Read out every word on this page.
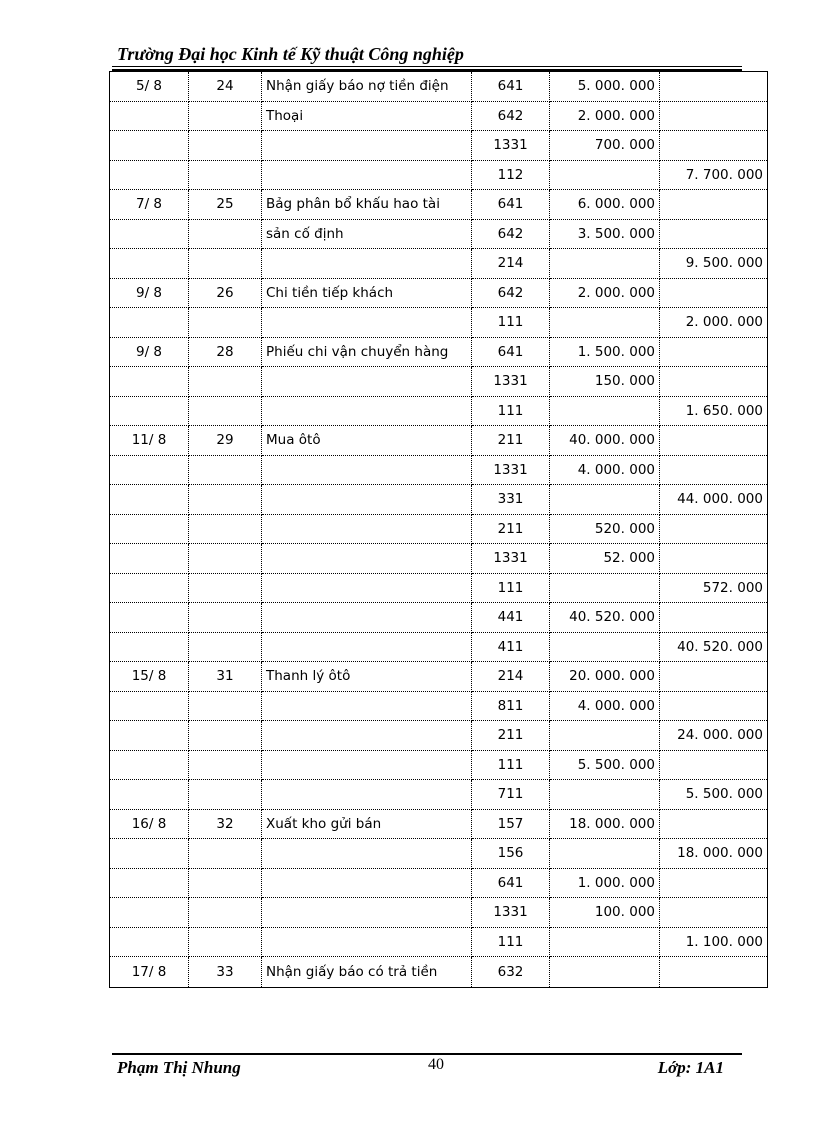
Trường Đại học Kinh tế Kỹ thuật Công nghiệp
5/ 8	24	Nhận giấy báo nợ tiền điện	641	5. 000. 000	
		Thoại	642	2. 000. 000	
			1331	700. 000	
			112		7. 700. 000
7/ 8	25	Bảg phân bổ khấu hao tài	641	6. 000. 000	
		sản cố định	642	3. 500. 000	
			214		9. 500. 000
9/ 8	26	Chi tiền tiếp khách	642	2. 000. 000	
			111		2. 000. 000
9/ 8	28	Phiếu chi vận chuyển hàng	641	1. 500. 000	
			1331	150. 000	
			111		1. 650. 000
11/ 8	29	Mua ôtô	211	40. 000. 000	
			1331	4. 000. 000	
			331		44. 000. 000
			211	520. 000	
			1331	52. 000	
			111		572. 000
			441	40. 520. 000	
			411		40. 520. 000
15/ 8	31	Thanh lý ôtô	214	20. 000. 000	
			811	4. 000. 000	
			211		24. 000. 000
			111	5. 500. 000	
			711		5. 500. 000
16/ 8	32	Xuất kho gửi bán	157	18. 000. 000	
			156		18. 000. 000
			641	1. 000. 000	
			1331	100. 000	
			111		1. 100. 000
17/ 8	33	Nhận giấy báo có trả tiền	632		
Phạm Thị Nhung	40	Lớp: 1A1
